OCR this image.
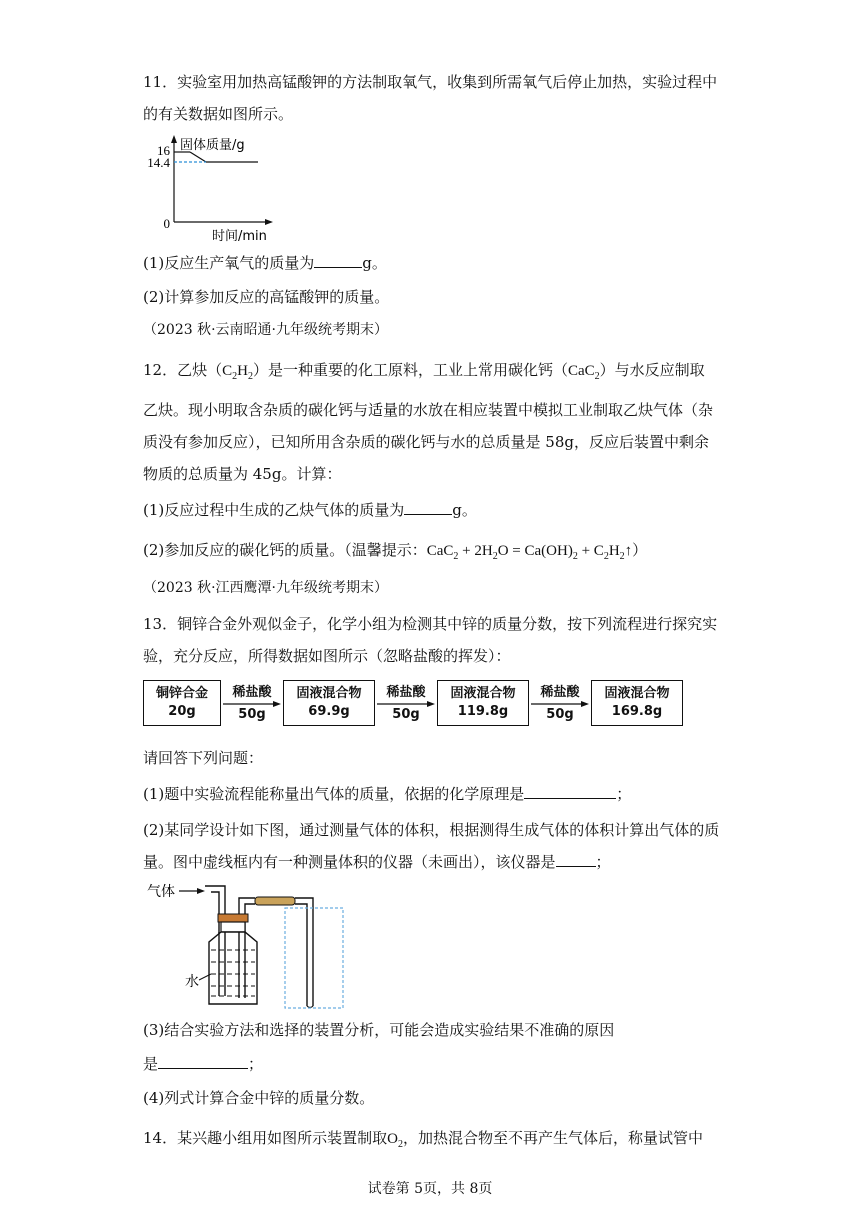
11．实验室用加热高锰酸钾的方法制取氧气，收集到所需氧气后停止加热，实验过程中
的有关数据如图所示。
固体质量/g
16
14.4
0
时间/min
(1)反应生产氧气的质量为	g。
(2)计算参加反应的高锰酸钾的质量。
（2023 秋·云南昭通·九年级统考期末）
12．乙炔$(C_2H_2)$是一种重要的化工原料，工业上常用碳化钙（CaC$_2$）与水反应制取
乙炔。现小明取含杂质的碳化钙与适量的水放在相应装置中模拟工业制取乙炔气体（杂
质没有参加反应），已知所用含杂质的碳化钙与水的总质量是 58g，反应后装置中剩余
物质的总质量为 45g。计算：
(1)反应过程中生成的乙炔气体的质量为	g。
(2)参加反应的碳化钙的质量。（温馨提示：$CaC_2 + 2H_2O = Ca(OH)_2$ + $C_2H_2↑$）
（2023 秋·江西鹰潭·九年级统考期末）
13．铜锌合金外观似金子，化学小组为检测其中锌的质量分数，按下列流程进行探究实
验，充分反应，所得数据如图所示（忽略盐酸的挥发）：
铜锌合金
20g
稀盐酸
50g
固液混合物
69.9g
稀盐酸
50g
固液混合物
119.8g
稀盐酸
50g
固液混合物
169.8g
请回答下列问题：
(1)题中实验流程能称量出气体的质量，依据的化学原理是	；
(2)某同学设计如下图，通过测量气体的体积，根据测得生成气体的体积计算出气体的质
量。图中虚线框内有一种测量体积的仪器（未画出），该仪器是	；
气体
水
(3)结合实验方法和选择的装置分析，可能会造成实验结果不准确的原因
是	；
(4)列式计算合金中锌的质量分数。
14．某兴趣小组用如图所示装置制取$O_2$，加热混合物至不再产生气体后，称量试管中
试卷第 5页，共 8页
